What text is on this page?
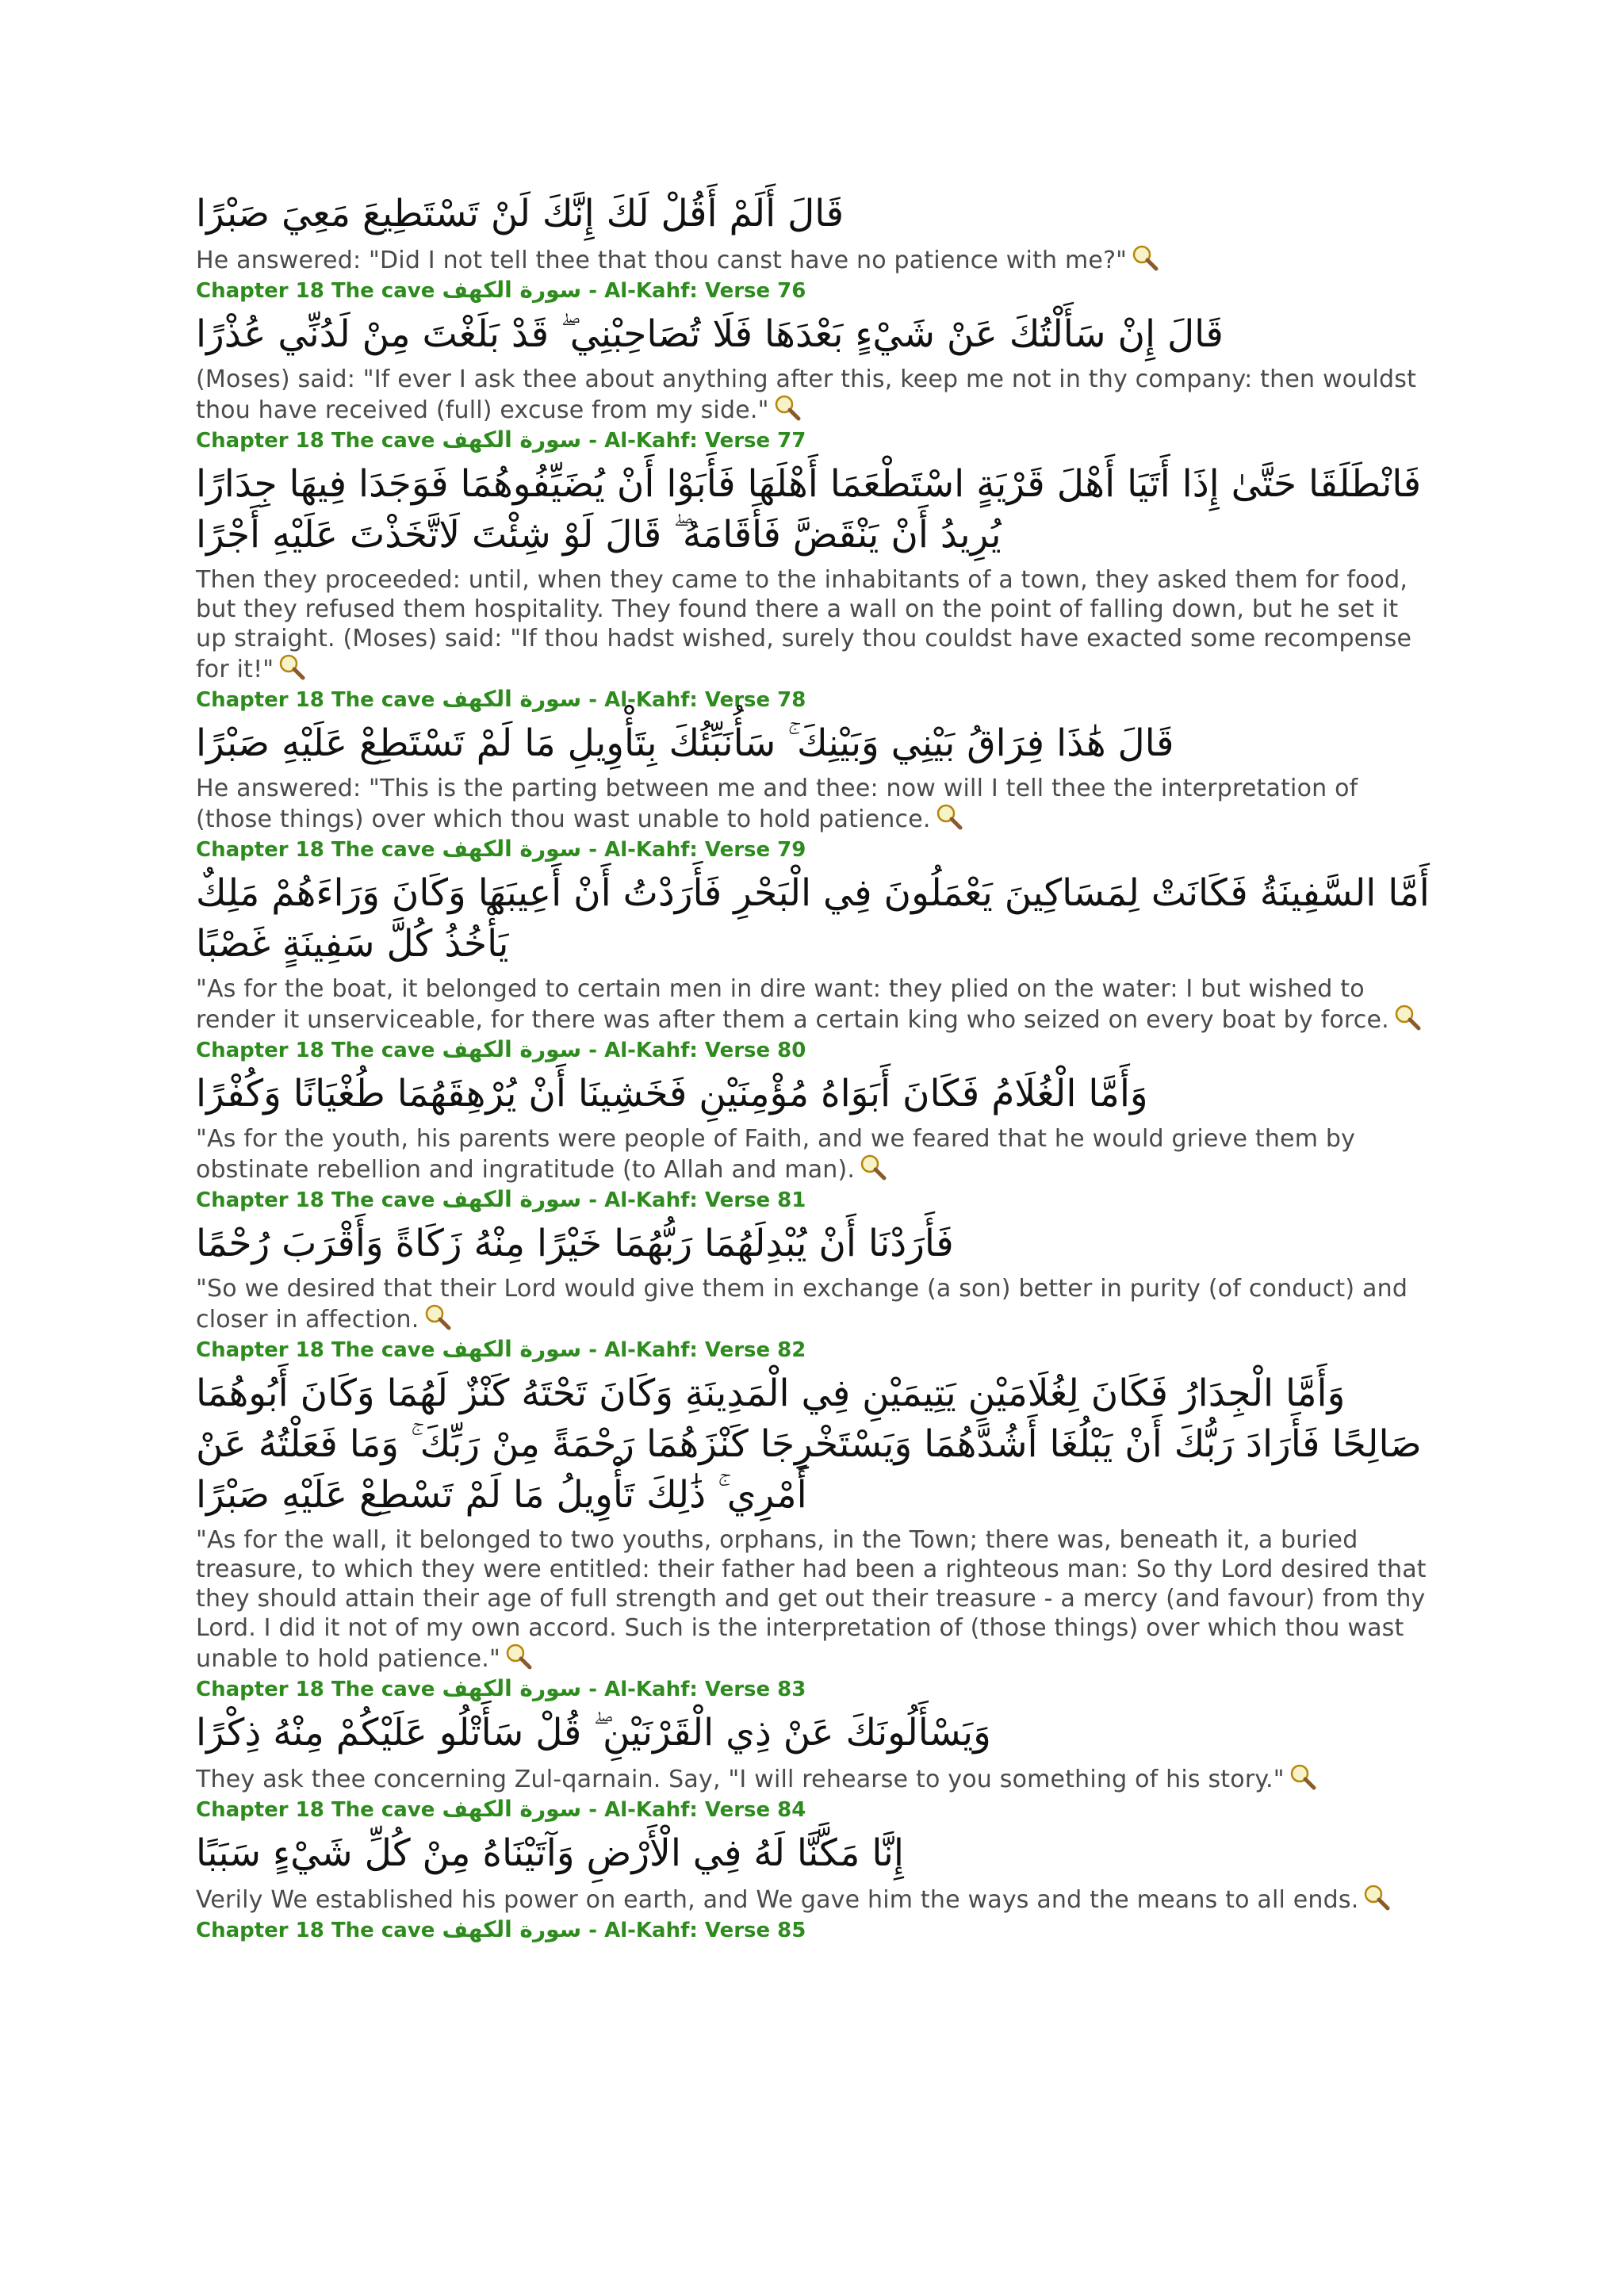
قَالَ أَلَمْ أَقُلْ لَكَ إِنَّكَ لَنْ تَسْتَطِيعَ مَعِيَ صَبْرًا
He answered: "Did I not tell thee that thou canst have no patience with me?"
Chapter 18 The cave سورة الكهف - Al-Kahf: Verse 76
قَالَ إِنْ سَأَلْتُكَ عَنْ شَيْءٍ بَعْدَهَا فَلَا تُصَاحِبْنِي ۖ قَدْ بَلَغْتَ مِنْ لَدُنِّي عُذْرًا
(Moses) said: "If ever I ask thee about anything after this, keep me not in thy company: then wouldst thou have received (full) excuse from my side."
Chapter 18 The cave سورة الكهف - Al-Kahf: Verse 77
فَانْطَلَقَا حَتَّىٰ إِذَا أَتَيَا أَهْلَ قَرْيَةٍ اسْتَطْعَمَا أَهْلَهَا فَأَبَوْا أَنْ يُضَيِّفُوهُمَا فَوَجَدَا فِيهَا جِدَارًا يُرِيدُ أَنْ يَنْقَضَّ فَأَقَامَهُ ۖ قَالَ لَوْ شِئْتَ لَاتَّخَذْتَ عَلَيْهِ أَجْرًا
Then they proceeded: until, when they came to the inhabitants of a town, they asked them for food, but they refused them hospitality. They found there a wall on the point of falling down, but he set it up straight. (Moses) said: "If thou hadst wished, surely thou couldst have exacted some recompense for it!"
Chapter 18 The cave سورة الكهف - Al-Kahf: Verse 78
قَالَ هَٰذَا فِرَاقُ بَيْنِي وَبَيْنِكَ ۚ سَأُنَبِّئُكَ بِتَأْوِيلِ مَا لَمْ تَسْتَطِعْ عَلَيْهِ صَبْرًا
He answered: "This is the parting between me and thee: now will I tell thee the interpretation of (those things) over which thou wast unable to hold patience.
Chapter 18 The cave سورة الكهف - Al-Kahf: Verse 79
أَمَّا السَّفِينَةُ فَكَانَتْ لِمَسَاكِينَ يَعْمَلُونَ فِي الْبَحْرِ فَأَرَدْتُ أَنْ أَعِيبَهَا وَكَانَ وَرَاءَهُمْ مَلِكٌ يَأْخُذُ كُلَّ سَفِينَةٍ غَصْبًا
"As for the boat, it belonged to certain men in dire want: they plied on the water: I but wished to render it unserviceable, for there was after them a certain king who seized on every boat by force.
Chapter 18 The cave سورة الكهف - Al-Kahf: Verse 80
وَأَمَّا الْغُلَامُ فَكَانَ أَبَوَاهُ مُؤْمِنَيْنِ فَخَشِينَا أَنْ يُرْهِقَهُمَا طُغْيَانًا وَكُفْرًا
"As for the youth, his parents were people of Faith, and we feared that he would grieve them by obstinate rebellion and ingratitude (to Allah and man).
Chapter 18 The cave سورة الكهف - Al-Kahf: Verse 81
فَأَرَدْنَا أَنْ يُبْدِلَهُمَا رَبُّهُمَا خَيْرًا مِنْهُ زَكَاةً وَأَقْرَبَ رُحْمًا
"So we desired that their Lord would give them in exchange (a son) better in purity (of conduct) and closer in affection.
Chapter 18 The cave سورة الكهف - Al-Kahf: Verse 82
وَأَمَّا الْجِدَارُ فَكَانَ لِغُلَامَيْنِ يَتِيمَيْنِ فِي الْمَدِينَةِ وَكَانَ تَحْتَهُ كَنْزٌ لَهُمَا وَكَانَ أَبُوهُمَا صَالِحًا فَأَرَادَ رَبُّكَ أَنْ يَبْلُغَا أَشُدَّهُمَا وَيَسْتَخْرِجَا كَنْزَهُمَا رَحْمَةً مِنْ رَبِّكَ ۚ وَمَا فَعَلْتُهُ عَنْ أَمْرِي ۚ ذَٰلِكَ تَأْوِيلُ مَا لَمْ تَسْطِعْ عَلَيْهِ صَبْرًا
"As for the wall, it belonged to two youths, orphans, in the Town; there was, beneath it, a buried treasure, to which they were entitled: their father had been a righteous man: So thy Lord desired that they should attain their age of full strength and get out their treasure - a mercy (and favour) from thy Lord. I did it not of my own accord. Such is the interpretation of (those things) over which thou wast unable to hold patience."
Chapter 18 The cave سورة الكهف - Al-Kahf: Verse 83
وَيَسْأَلُونَكَ عَنْ ذِي الْقَرْنَيْنِ ۖ قُلْ سَأَتْلُو عَلَيْكُمْ مِنْهُ ذِكْرًا
They ask thee concerning Zul-qarnain. Say, "I will rehearse to you something of his story."
Chapter 18 The cave سورة الكهف - Al-Kahf: Verse 84
إِنَّا مَكَّنَّا لَهُ فِي الْأَرْضِ وَآتَيْنَاهُ مِنْ كُلِّ شَيْءٍ سَبَبًا
Verily We established his power on earth, and We gave him the ways and the means to all ends.
Chapter 18 The cave سورة الكهف - Al-Kahf: Verse 85
